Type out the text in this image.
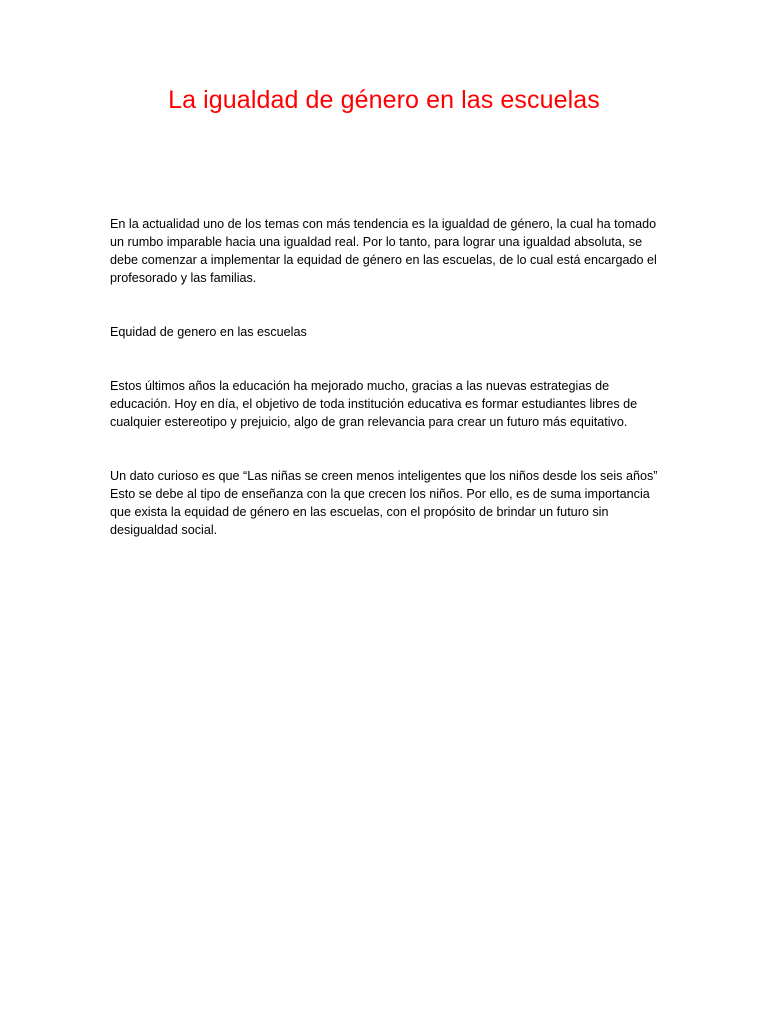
La igualdad de género en las escuelas

En la actualidad uno de los temas con más tendencia es la igualdad de género, la cual ha tomado un rumbo imparable hacia una igualdad real. Por lo tanto, para lograr una igualdad absoluta, se debe comenzar a implementar la equidad de género en las escuelas, de lo cual está encargado el profesorado y las familias.

Equidad de genero en las escuelas

Estos últimos años la educación ha mejorado mucho, gracias a las nuevas estrategias de educación. Hoy en día, el objetivo de toda institución educativa es formar estudiantes libres de cualquier estereotipo y prejuicio, algo de gran relevancia para crear un futuro más equitativo.

Un dato curioso es que “Las niñas se creen menos inteligentes que los niños desde los seis años” Esto se debe al tipo de enseñanza con la que crecen los niños. Por ello, es de suma importancia que exista la equidad de género en las escuelas, con el propósito de brindar un futuro sin desigualdad social.
